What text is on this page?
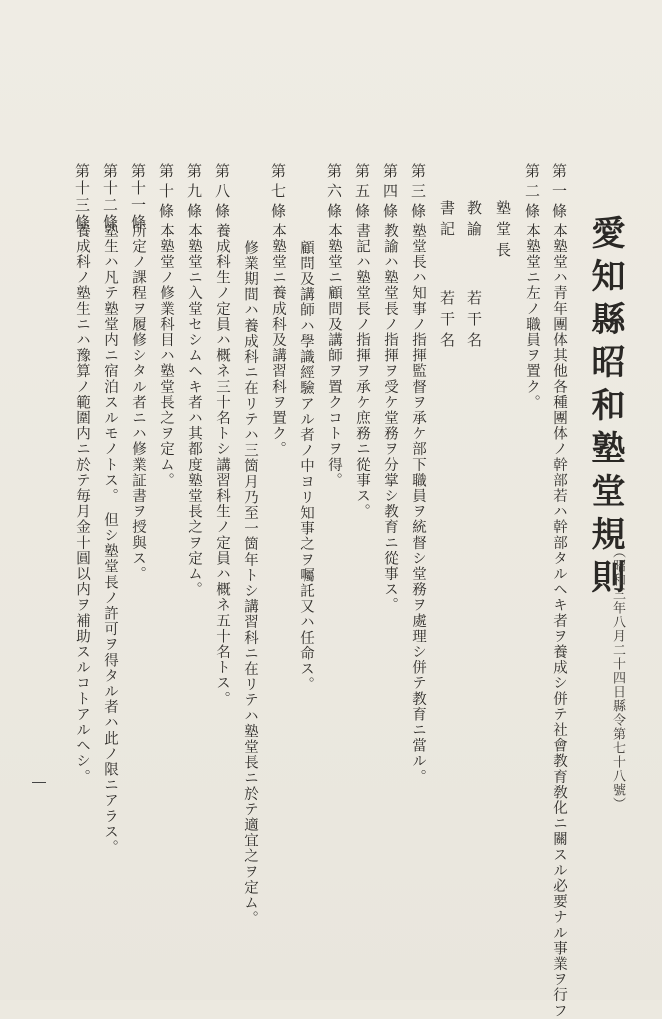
愛知縣昭和塾堂規則
（昭和三年八月二十四日縣令第七十八號）
第一條
本塾堂ハ青年團体其他各種團体ノ幹部若ハ幹部タルヘキ者ヲ養成シ併テ社會教育敎化ニ關スル必要ナル事業ヲ行フ
第二條
本塾堂ニ左ノ職員ヲ置ク。
塾堂長
教諭
若干名
書記
若干名
第三條
塾堂長ハ知事ノ指揮監督ヲ承ケ部下職員ヲ統督シ堂務ヲ處理シ併テ教育ニ當ル。
第四條
教諭ハ塾堂長ノ指揮ヲ受ケ堂務ヲ分掌シ教育ニ從事ス。
第五條
書記ハ塾堂長ノ指揮ヲ承ケ庶務ニ從事ス。
第六條
本塾堂ニ顧問及講師ヲ置クコトヲ得。
顧問及講師ハ學識經驗アル者ノ中ヨリ知事之ヲ囑託又ハ任命ス。
第七條
本塾堂ニ養成科及講習科ヲ置ク。
修業期間ハ養成科ニ在リテハ三箇月乃至一箇年トシ講習科ニ在リテハ塾堂長ニ於テ適宜之ヲ定ム。
第八條
養成科生ノ定員ハ概ネ三十名トシ講習科生ノ定員ハ概ネ五十名トス。
第九條
本塾堂ニ入堂セシムヘキ者ハ其都度塾堂長之ヲ定ム。
第十條
本塾堂ノ修業科目ハ塾堂長之ヲ定ム。
第十一條
所定ノ課程ヲ履修シタル者ニハ修業証書ヲ授與ス。
第十二條
塾生ハ凡テ塾堂内ニ宿泊スルモノトス。　但シ塾堂長ノ許可ヲ得タル者ハ此ノ限ニアラス。
第十三條
養成科ノ塾生ニハ豫算ノ範圍内ニ於テ毎月金十圓以内ヲ補助スルコトアルヘシ。
